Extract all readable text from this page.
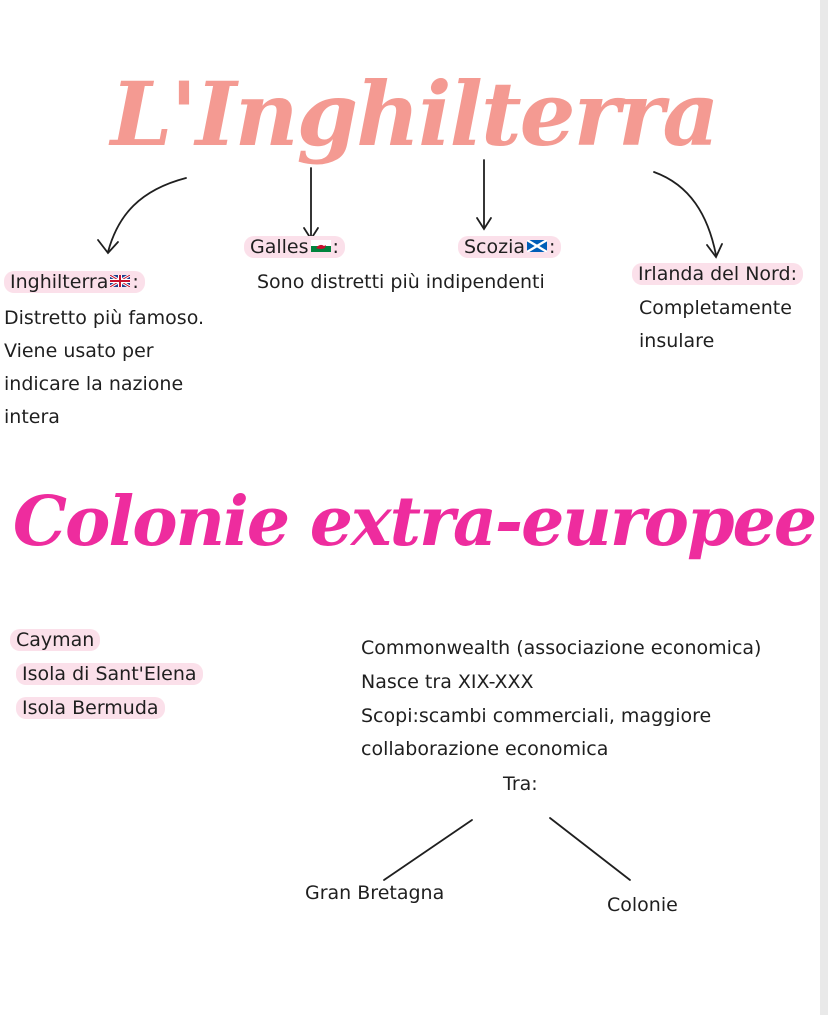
L'Inghilterra
Inghilterra :
Distretto più famoso.
Viene usato per
indicare la nazione
intera
Galles :	Scozia :
Sono distretti più indipendenti	Irlanda del Nord:
Completamente
insulare
Colonie extra-europee
Cayman
Isola di Sant'Elena
Isola Bermuda
Commonwealth (associazione economica)
Nasce tra XIX-XXX
Scopi:scambi commerciali, maggiore
collaborazione economica
Tra:
Gran Bretagna
Colonie
